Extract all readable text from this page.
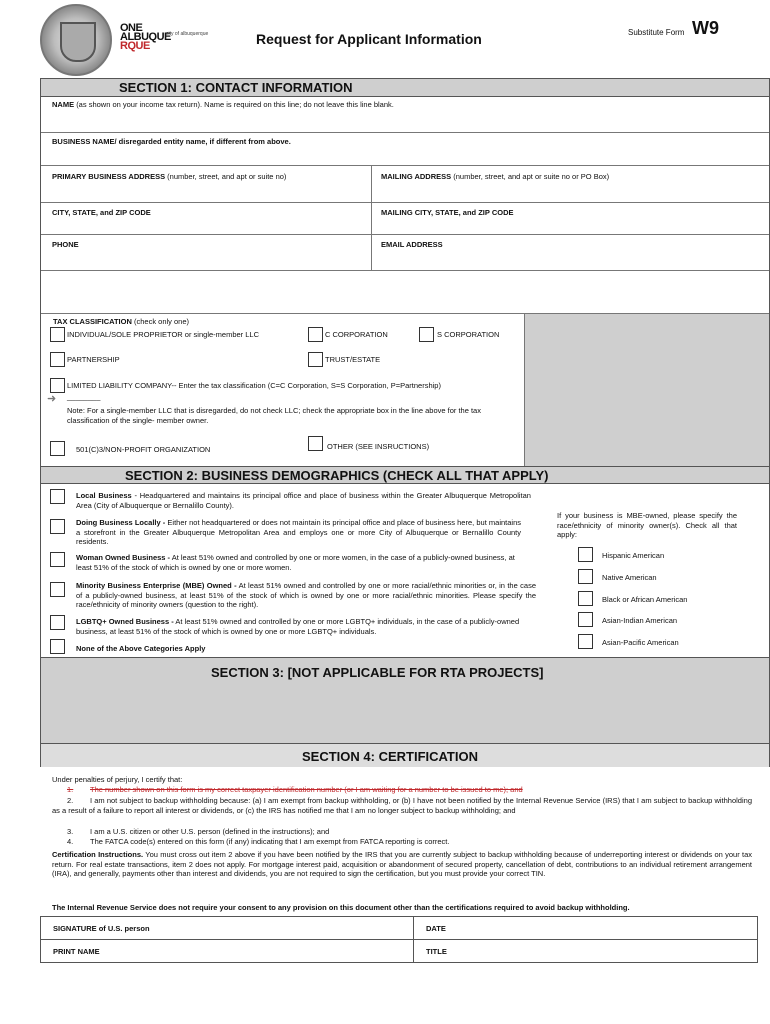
ONE
ALBUQUE
RQUE
city of albuquerque	Request for Applicant Information	Substitute Form W9
SECTION 1: CONTACT INFORMATION
NAME (as shown on your income tax return). Name is required on this line; do not leave this line blank.
BUSINESS NAME/ disregarded entity name, if different from above.
PRIMARY BUSINESS ADDRESS (number, street, and apt or suite no)	MAILING ADDRESS (number, street, and apt or suite no or PO Box)
CITY, STATE, and ZIP CODE	MAILING CITY, STATE, and ZIP CODE
PHONE	EMAIL ADDRESS
TAX CLASSIFICATION (check only one)
INDIVIDUAL/SOLE PROPRIETOR or single-member LLC	C CORPORATION	S CORPORATION
PARTNERSHIP	TRUST/ESTATE
LIMITED LIABILITY COMPANY-- Enter the tax classification (C=C Corporation, S=S Corporation, P=Partnership)
➜ ________
Note: For a single-member LLC that is disregarded, do not check LLC; check the appropriate box in the line above for the tax classification of the single- member owner.
501(C)3/NON-PROFIT ORGANIZATION	OTHER (SEE INSRUCTIONS)
SECTION 2: BUSINESS DEMOGRAPHICS (CHECK ALL THAT APPLY)
Local Business - Headquartered and maintains its principal office and place of business within the Greater Albuquerque Metropolitan Area (City of Albuquerque or Bernalillo County).
Doing Business Locally - Either not headquartered or does not maintain its principal office and place of business here, but maintains a storefront in the Greater Albuquerque Metropolitan Area and employs one or more City of Albuquerque or Bernalillo County residents.
Woman Owned Business - At least 51% owned and controlled by one or more women, in the case of a publicly-owned business, at least 51% of the stock of which is owned by one or more women.
Minority Business Enterprise (MBE) Owned - At least 51% owned and controlled by one or more racial/ethnic minorities or, in the case of a publicly-owned business, at least 51% of the stock of which is owned by one or more racial/ethnic minorities. Please specify the race/ethnicity of minority owners (question to the right).
LGBTQ+ Owned Business - At least 51% owned and controlled by one or more LGBTQ+ individuals, in the case of a publicly-owned business, at least 51% of the stock of which is owned by one or more LGBTQ+ individuals.
None of the Above Categories Apply
If your business is MBE-owned, please specify the race/ethnicity of minority owner(s). Check all that apply:
Hispanic American
Native American
Black or African American
Asian-Indian American
Asian-Pacific American
SECTION 3: [NOT APPLICABLE FOR RTA PROJECTS]
SECTION 4: CERTIFICATION
Under penalties of perjury, I certify that:
1. The number shown on this form is my correct taxpayer identification number (or I am waiting for a number to be issued to me); and
2.	I am not subject to backup withholding because: (a) I am exempt from backup withholding, or (b) I have not been notified by the Internal Revenue Service (IRS) that I am subject to backup withholding as a result of a failure to report all interest or dividends, or (c) the IRS has notified me that I am no longer subject to backup withholding; and
3. I am a U.S. citizen or other U.S. person (defined in the instructions); and
4. The FATCA code(s) entered on this form (if any) indicating that I am exempt from FATCA reporting is correct.
Certification Instructions. You must cross out item 2 above if you have been notified by the IRS that you are currently subject to backup withholding because of underreporting interest or dividends on your tax return. For real estate transactions, item 2 does not apply. For mortgage interest paid, acquisition or abandonment of secured property, cancellation of debt, contributions to an individual retirement arrangement (IRA), and generally, payments other than interest and dividends, you are not required to sign the certification, but you must provide your correct TIN.
The Internal Revenue Service does not require your consent to any provision on this document other than the certifications required to avoid backup withholding.
SIGNATURE of U.S. person	DATE
PRINT NAME	TITLE
